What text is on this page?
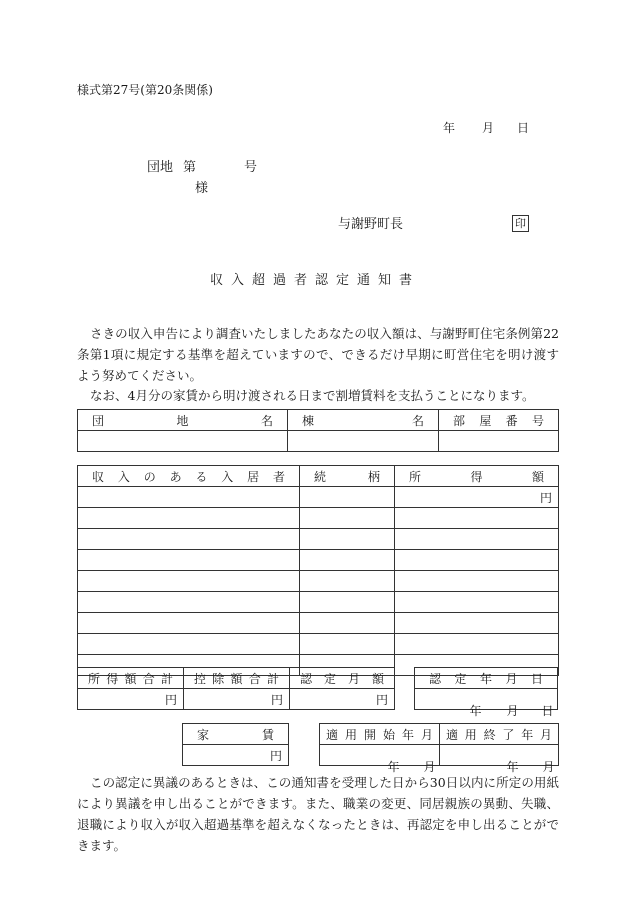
様式第27号(第20条関係)
年 月 日
団地 第	号
様
与謝野町長	印
収入超過者認定通知書
さきの収入申告により調査いたしましたあなたの収入額は、与謝野町住宅条例第22条第1項に規定する基準を超えていますので、できるだけ早期に町営住宅を明け渡すよう努めてください。
なお、4月分の家賃から明け渡される日まで割増賃料を支払うことになります。
団地名	棟名	部屋番号

収入のある入居者	続柄	所得額
		円

所得額合計	控除額合計	認定月額
円	円	円
認定年月日

年 月 日
家賃
円
適用開始年月	適用終了年月

年 月	年 月
この認定に異議のあるときは、この通知書を受理した日から30日以内に所定の用紙により異議を申し出ることができます。また、職業の変更、同居親族の異動、失職、退職により収入が収入超過基準を超えなくなったときは、再認定を申し出ることができます。
